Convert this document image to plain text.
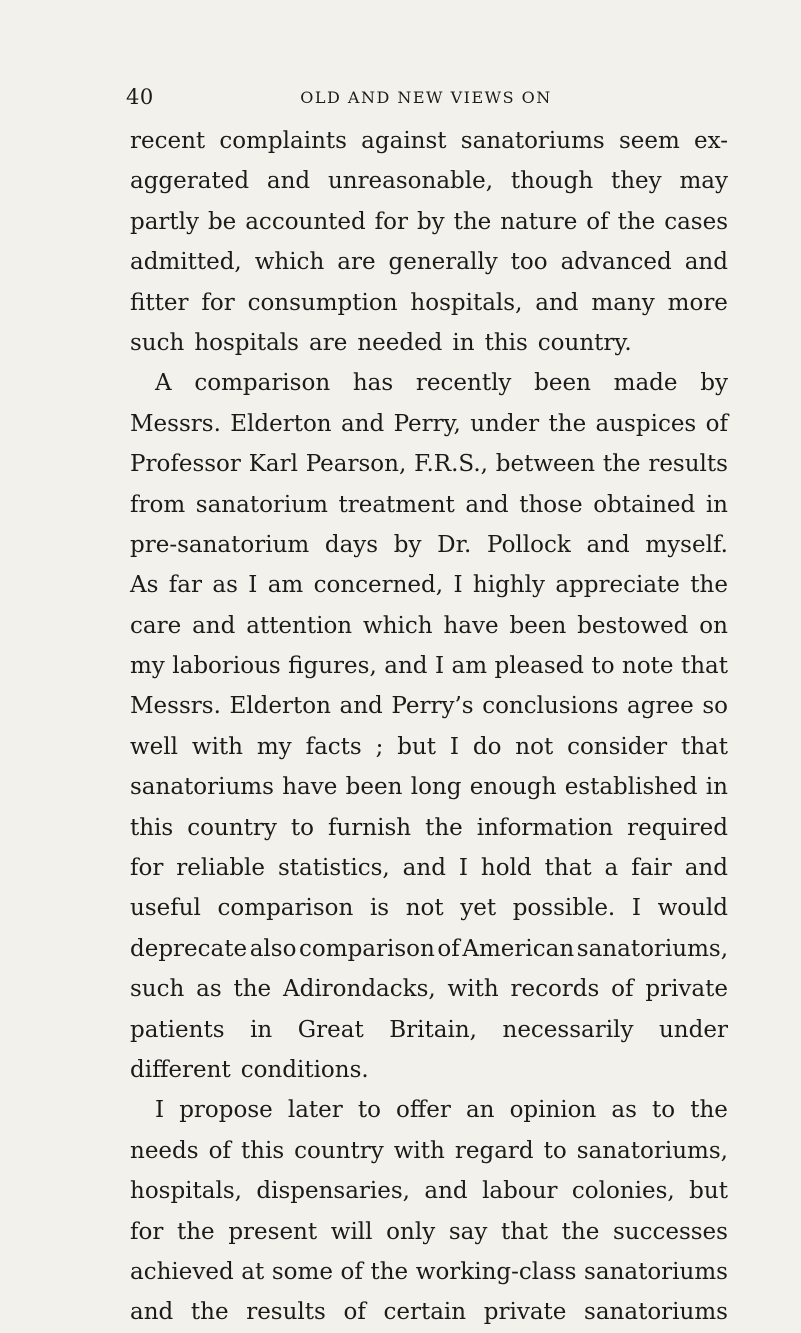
40	OLD AND NEW VIEWS ON
recent complaints against sanatoriums seem ex-
aggerated and unreasonable, though they may
partly be accounted for by the nature of the cases
admitted, which are generally too advanced and
fitter for consumption hospitals, and many more
such hospitals are needed in this country.
A comparison has recently been made by
Messrs. Elderton and Perry, under the auspices of
Professor Karl Pearson, F.R.S., between the results
from sanatorium treatment and those obtained in
pre-sanatorium days by Dr. Pollock and myself.
As far as I am concerned, I highly appreciate the
care and attention which have been bestowed on
my laborious figures, and I am pleased to note that
Messrs. Elderton and Perry’s conclusions agree so
well with my facts ; but I do not consider that
sanatoriums have been long enough established in
this country to furnish the information required
for reliable statistics, and I hold that a fair and
useful comparison is not yet possible. I would
deprecate also comparison of American sanatoriums,
such as the Adirondacks, with records of private
patients in Great Britain, necessarily under
different conditions.
I propose later to offer an opinion as to the
needs of this country with regard to sanatoriums,
hospitals, dispensaries, and labour colonies, but
for the present will only say that the successes
achieved at some of the working-class sanatoriums
and the results of certain private sanatoriums
